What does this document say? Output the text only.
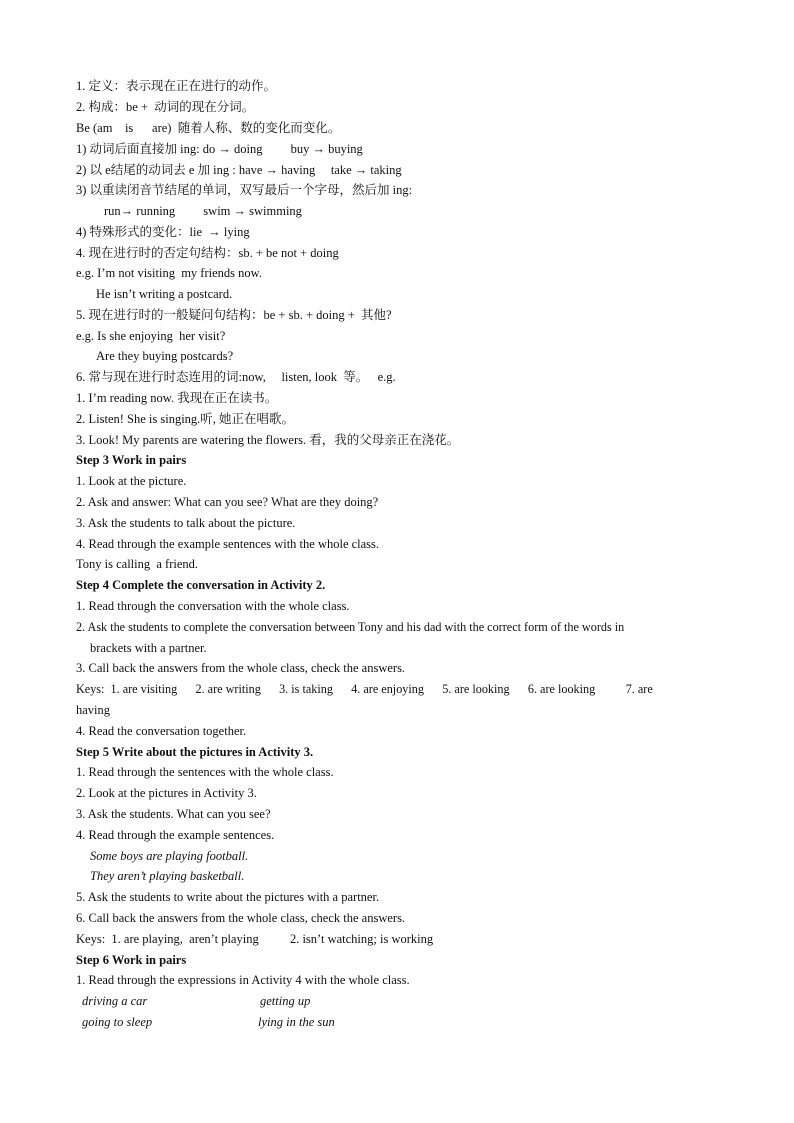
1. 定义：表示现在正在进行的动作。
2. 构成：be +  动词的现在分词。
Be (am    is      are)  随着人称、数的变化而变化。
1) 动词后面直接加 ing: do → doing         buy → buying
2) 以 e结尾的动词去 e 加 ing : have → having     take → taking
3) 以重读闭音节结尾的单词，双写最后一个字母，然后加 ing:
run→ running         swim → swimming
4) 特殊形式的变化：lie  → lying
4. 现在进行时的否定句结构：sb. + be not + doing
e.g. I’m not visiting  my friends now.
He isn’t writing a postcard.
5. 现在进行时的一般疑问句结构：be + sb. + doing +  其他?
e.g. Is she enjoying  her visit?
Are they buying postcards?
6. 常与现在进行时态连用的词:now,     listen, look  等。   e.g.
1. I’m reading now. 我现在正在读书。
2. Listen! She is singing.听, 她正在唱歌。
3. Look! My parents are watering the flowers. 看，我的父母亲正在浇花。
Step 3 Work in pairs
1. Look at the picture.
2. Ask and answer: What can you see? What are they doing?
3. Ask the students to talk about the picture.
4. Read through the example sentences with the whole class.
Tony is calling  a friend.
Step 4 Complete the conversation in Activity 2.
1. Read through the conversation with the whole class.
2. Ask the students to complete the conversation between Tony and his dad with the correct form of the words in
brackets with a partner.
3. Call back the answers from the whole class, check the answers.
Keys:  1. are visiting      2. are writing      3. is taking      4. are enjoying      5. are looking      6. are looking          7. are
having
4. Read the conversation together.
Step 5 Write about the pictures in Activity 3.
1. Read through the sentences with the whole class.
2. Look at the pictures in Activity 3.
3. Ask the students. What can you see?
4. Read through the example sentences.
Some boys are playing football.
They aren’t playing basketball.
5. Ask the students to write about the pictures with a partner.
6. Call back the answers from the whole class, check the answers.
Keys:  1. are playing,  aren’t playing          2. isn’t watching; is working
Step 6 Work in pairs
1. Read through the expressions in Activity 4 with the whole class.
driving a car	getting up
going to sleep	lying in the sun
